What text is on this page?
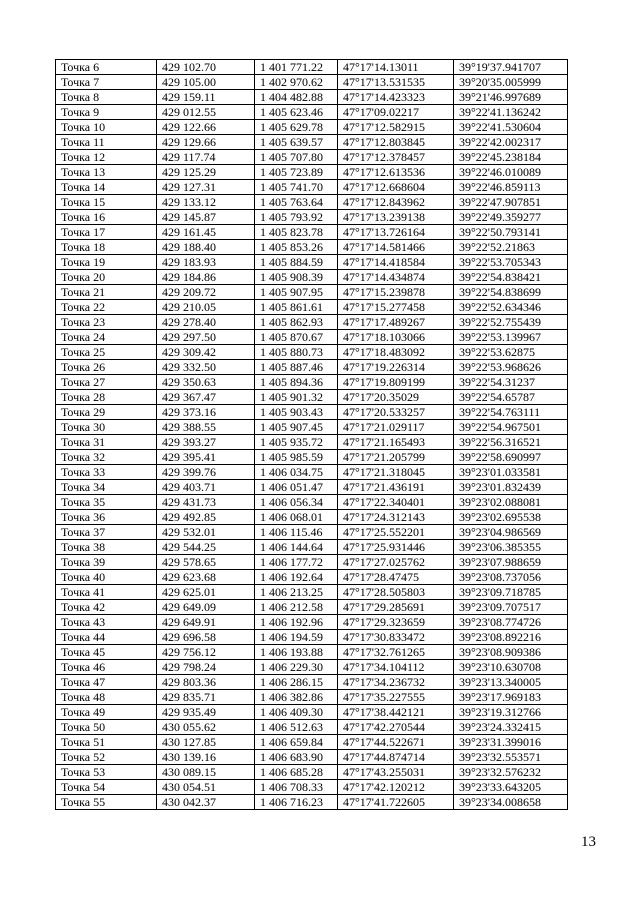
Точка 6	429 102.70	1 401 771.22	47°17'14.13011	39°19'37.941707
Точка 7	429 105.00	1 402 970.62	47°17'13.531535	39°20'35.005999
Точка 8	429 159.11	1 404 482.88	47°17'14.423323	39°21'46.997689
Точка 9	429 012.55	1 405 623.46	47°17'09.02217	39°22'41.136242
Точка 10	429 122.66	1 405 629.78	47°17'12.582915	39°22'41.530604
Точка 11	429 129.66	1 405 639.57	47°17'12.803845	39°22'42.002317
Точка 12	429 117.74	1 405 707.80	47°17'12.378457	39°22'45.238184
Точка 13	429 125.29	1 405 723.89	47°17'12.613536	39°22'46.010089
Точка 14	429 127.31	1 405 741.70	47°17'12.668604	39°22'46.859113
Точка 15	429 133.12	1 405 763.64	47°17'12.843962	39°22'47.907851
Точка 16	429 145.87	1 405 793.92	47°17'13.239138	39°22'49.359277
Точка 17	429 161.45	1 405 823.78	47°17'13.726164	39°22'50.793141
Точка 18	429 188.40	1 405 853.26	47°17'14.581466	39°22'52.21863
Точка 19	429 183.93	1 405 884.59	47°17'14.418584	39°22'53.705343
Точка 20	429 184.86	1 405 908.39	47°17'14.434874	39°22'54.838421
Точка 21	429 209.72	1 405 907.95	47°17'15.239878	39°22'54.838699
Точка 22	429 210.05	1 405 861.61	47°17'15.277458	39°22'52.634346
Точка 23	429 278.40	1 405 862.93	47°17'17.489267	39°22'52.755439
Точка 24	429 297.50	1 405 870.67	47°17'18.103066	39°22'53.139967
Точка 25	429 309.42	1 405 880.73	47°17'18.483092	39°22'53.62875
Точка 26	429 332.50	1 405 887.46	47°17'19.226314	39°22'53.968626
Точка 27	429 350.63	1 405 894.36	47°17'19.809199	39°22'54.31237
Точка 28	429 367.47	1 405 901.32	47°17'20.35029	39°22'54.65787
Точка 29	429 373.16	1 405 903.43	47°17'20.533257	39°22'54.763111
Точка 30	429 388.55	1 405 907.45	47°17'21.029117	39°22'54.967501
Точка 31	429 393.27	1 405 935.72	47°17'21.165493	39°22'56.316521
Точка 32	429 395.41	1 405 985.59	47°17'21.205799	39°22'58.690997
Точка 33	429 399.76	1 406 034.75	47°17'21.318045	39°23'01.033581
Точка 34	429 403.71	1 406 051.47	47°17'21.436191	39°23'01.832439
Точка 35	429 431.73	1 406 056.34	47°17'22.340401	39°23'02.088081
Точка 36	429 492.85	1 406 068.01	47°17'24.312143	39°23'02.695538
Точка 37	429 532.01	1 406 115.46	47°17'25.552201	39°23'04.986569
Точка 38	429 544.25	1 406 144.64	47°17'25.931446	39°23'06.385355
Точка 39	429 578.65	1 406 177.72	47°17'27.025762	39°23'07.988659
Точка 40	429 623.68	1 406 192.64	47°17'28.47475	39°23'08.737056
Точка 41	429 625.01	1 406 213.25	47°17'28.505803	39°23'09.718785
Точка 42	429 649.09	1 406 212.58	47°17'29.285691	39°23'09.707517
Точка 43	429 649.91	1 406 192.96	47°17'29.323659	39°23'08.774726
Точка 44	429 696.58	1 406 194.59	47°17'30.833472	39°23'08.892216
Точка 45	429 756.12	1 406 193.88	47°17'32.761265	39°23'08.909386
Точка 46	429 798.24	1 406 229.30	47°17'34.104112	39°23'10.630708
Точка 47	429 803.36	1 406 286.15	47°17'34.236732	39°23'13.340005
Точка 48	429 835.71	1 406 382.86	47°17'35.227555	39°23'17.969183
Точка 49	429 935.49	1 406 409.30	47°17'38.442121	39°23'19.312766
Точка 50	430 055.62	1 406 512.63	47°17'42.270544	39°23'24.332415
Точка 51	430 127.85	1 406 659.84	47°17'44.522671	39°23'31.399016
Точка 52	430 139.16	1 406 683.90	47°17'44.874714	39°23'32.553571
Точка 53	430 089.15	1 406 685.28	47°17'43.255031	39°23'32.576232
Точка 54	430 054.51	1 406 708.33	47°17'42.120212	39°23'33.643205
Точка 55	430 042.37	1 406 716.23	47°17'41.722605	39°23'34.008658
13
